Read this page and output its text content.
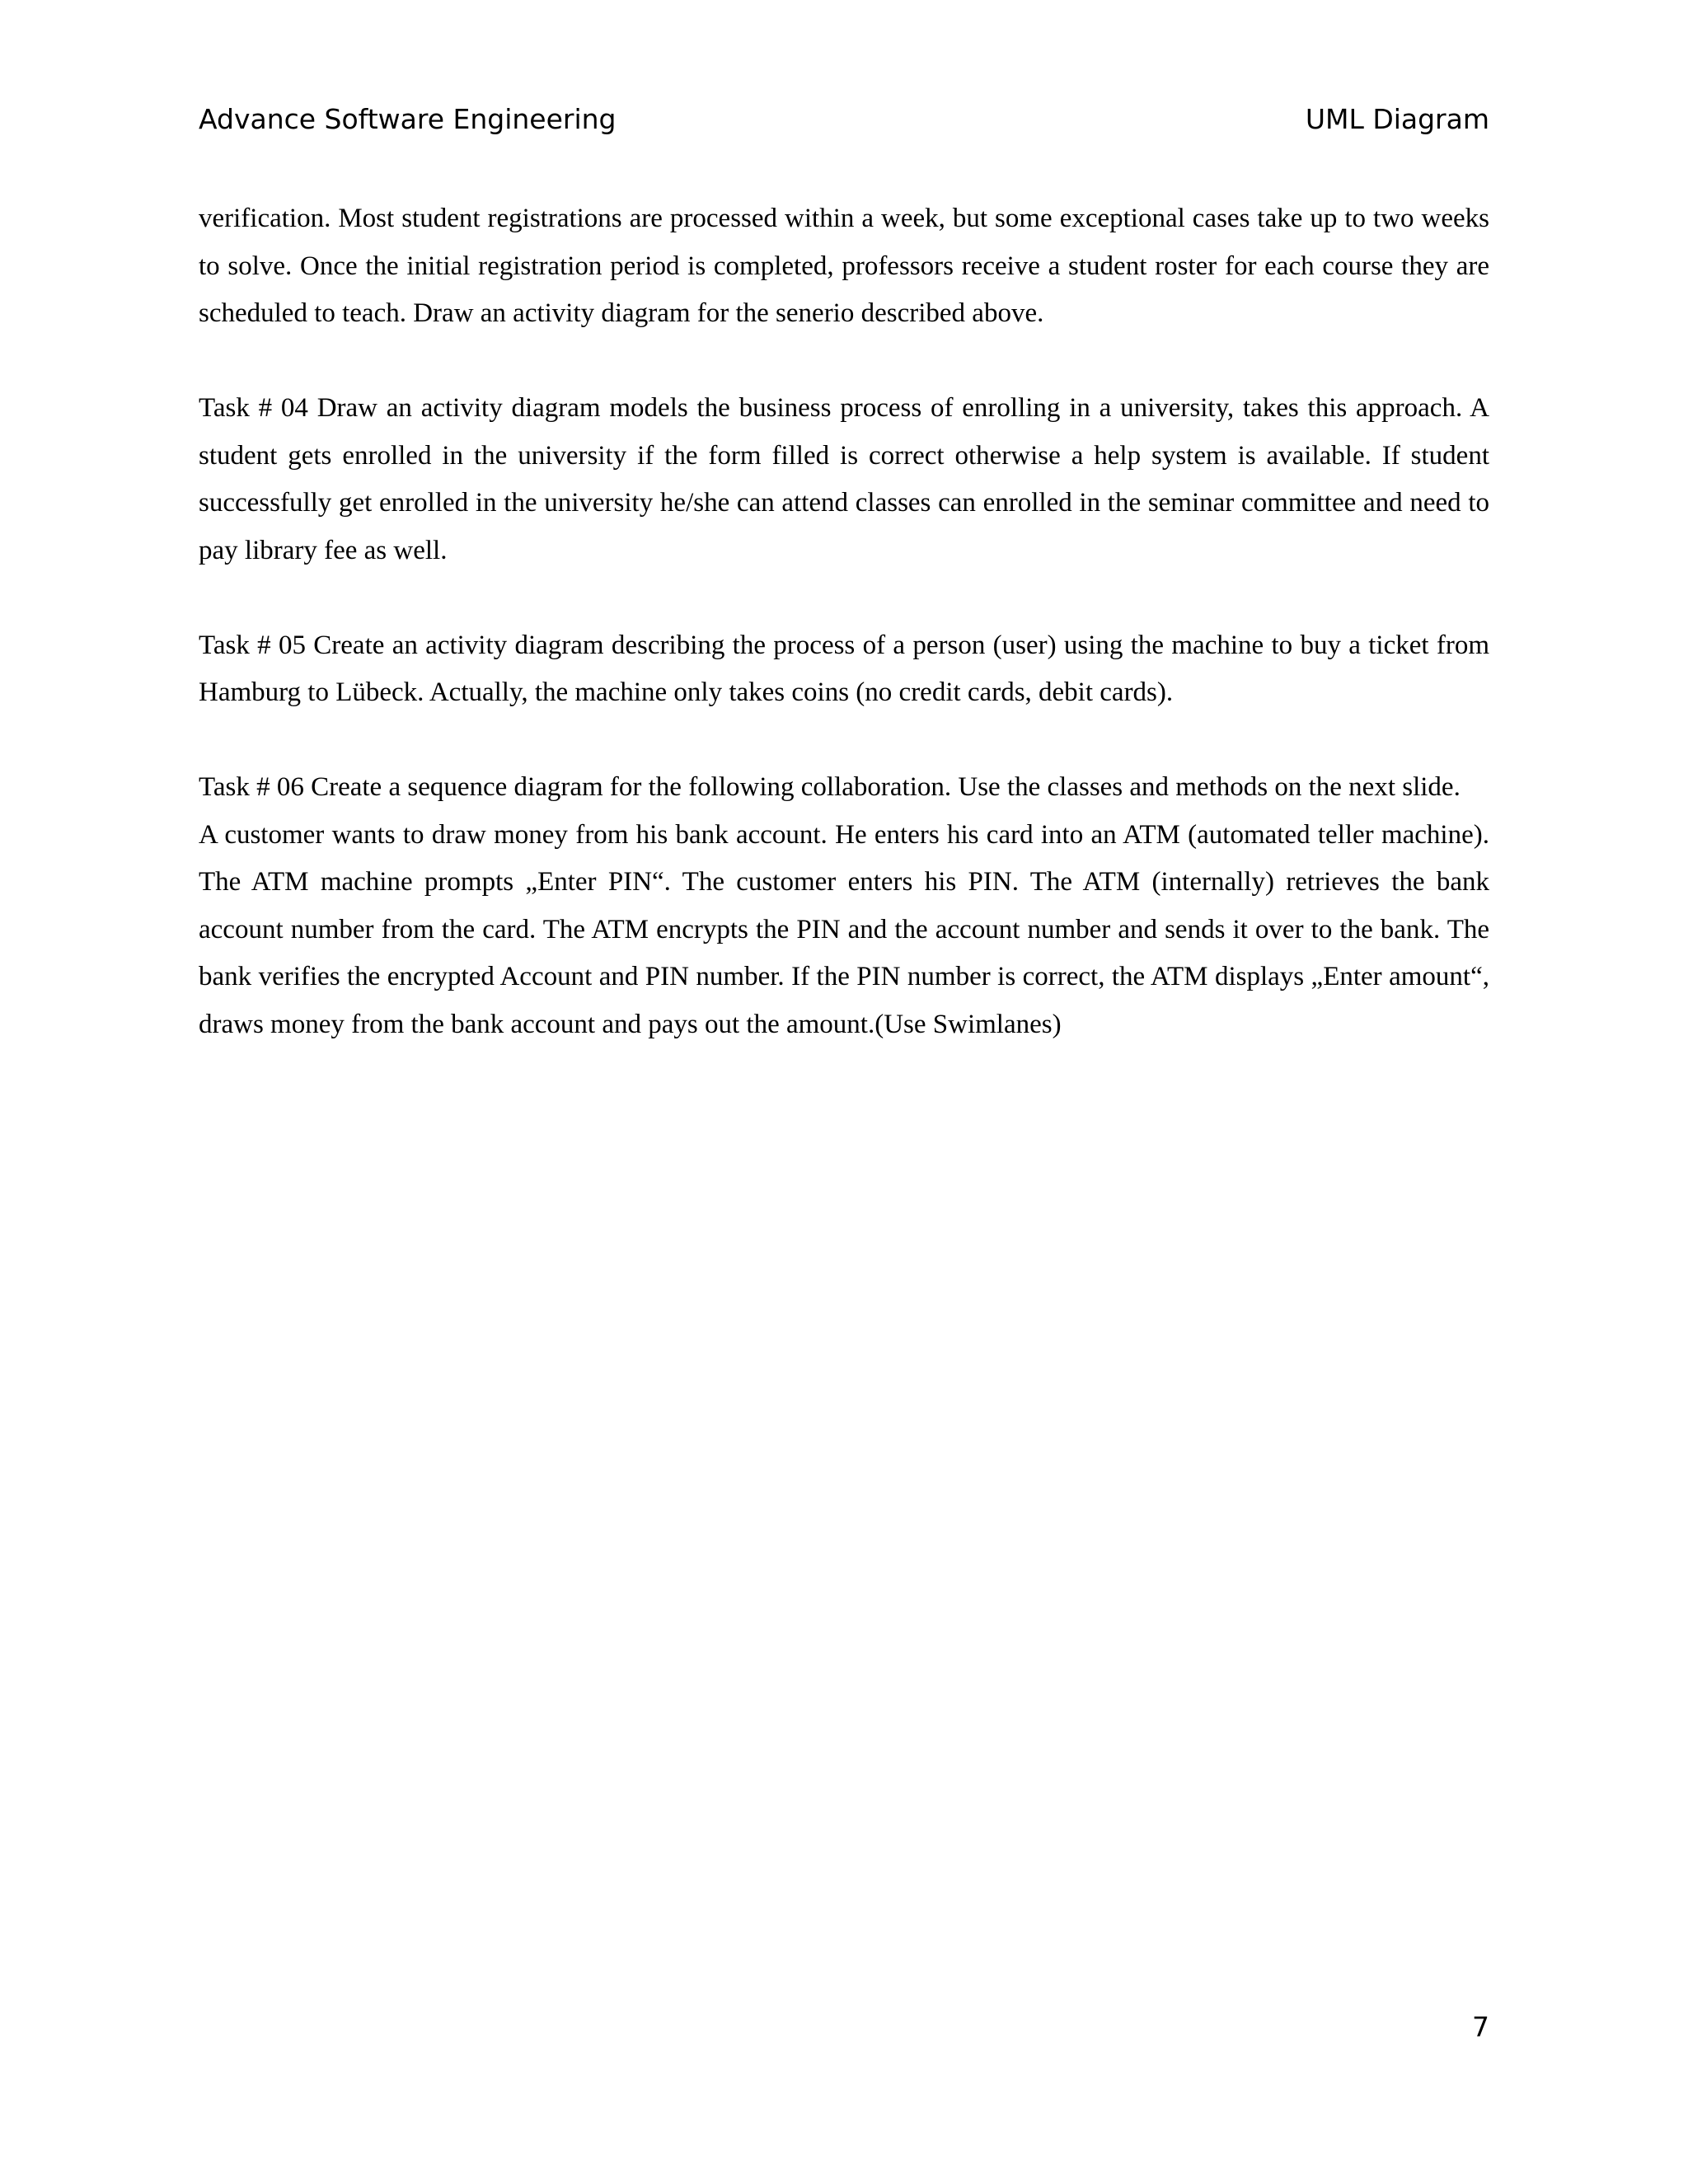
Advance Software Engineering	UML Diagram

verification. Most student registrations are processed within a week, but some exceptional cases take up to two weeks to solve. Once the initial registration period is completed, professors receive a student roster for each course they are scheduled to teach. Draw an activity diagram for the senerio described above.

Task # 04 Draw an activity diagram models the business process of enrolling in a university, takes this approach. A student gets enrolled in the university if the form filled is correct otherwise a help system is available. If student successfully get enrolled in the university he/she can attend classes can enrolled in the seminar committee and need to pay library fee as well.

Task # 05 Create an activity diagram describing the process of a person (user) using the machine to buy a ticket from Hamburg to Lübeck. Actually, the machine only takes coins (no credit cards, debit cards).

Task # 06 Create a sequence diagram for the following collaboration. Use the classes and methods on the next slide.

A customer wants to draw money from his bank account. He enters his card into an ATM (automated teller machine). The ATM machine prompts „Enter PIN“. The customer enters his PIN. The ATM (internally) retrieves the bank account number from the card. The ATM encrypts the PIN and the account number and sends it over to the bank. The bank verifies the encrypted Account and PIN number. If the PIN number is correct, the ATM displays „Enter amount“, draws money from the bank account and pays out the amount.(Use Swimlanes)

7
